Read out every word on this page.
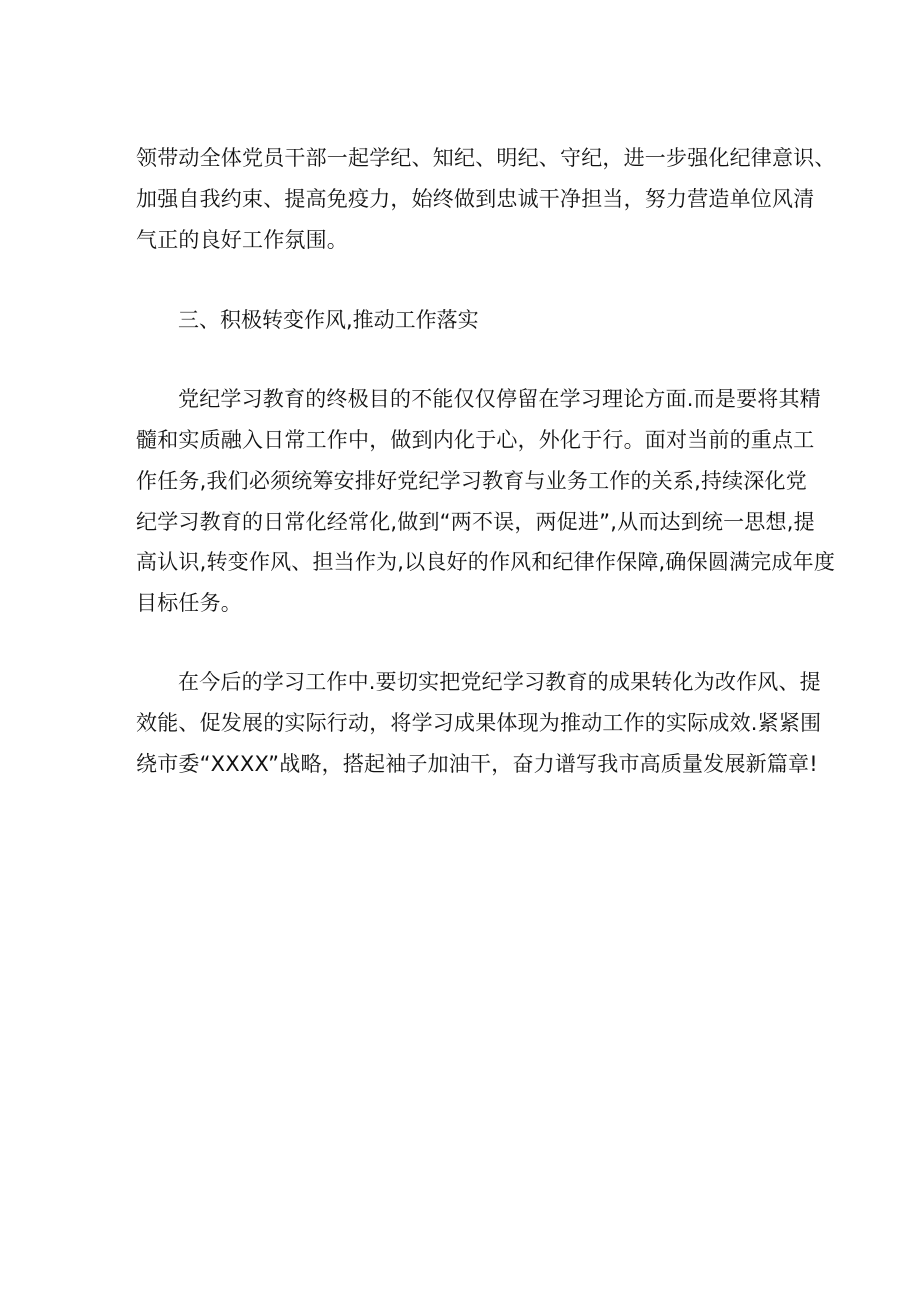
领带动全体党员干部一起学纪、知纪、明纪、守纪，进一步强化纪律意识、
加强自我约束、提高免疫力，始终做到忠诚干净担当，努力营造单位风清
气正的良好工作氛围。

三、积极转变作风,推动工作落实

党纪学习教育的终极目的不能仅仅停留在学习理论方面.而是要将其精
髓和实质融入日常工作中，做到内化于心，外化于行。面对当前的重点工
作任务,我们必须统筹安排好党纪学习教育与业务工作的关系,持续深化党
纪学习教育的日常化经常化,做到“两不误，两促进”,从而达到统一思想,提
高认识,转变作风、担当作为,以良好的作风和纪律作保障,确保圆满完成年度
目标任务。

在今后的学习工作中.要切实把党纪学习教育的成果转化为改作风、提
效能、促发展的实际行动，将学习成果体现为推动工作的实际成效.紧紧围
绕市委“XXXX”战略，搭起袖子加油干，奋力谱写我市高质量发展新篇章!
